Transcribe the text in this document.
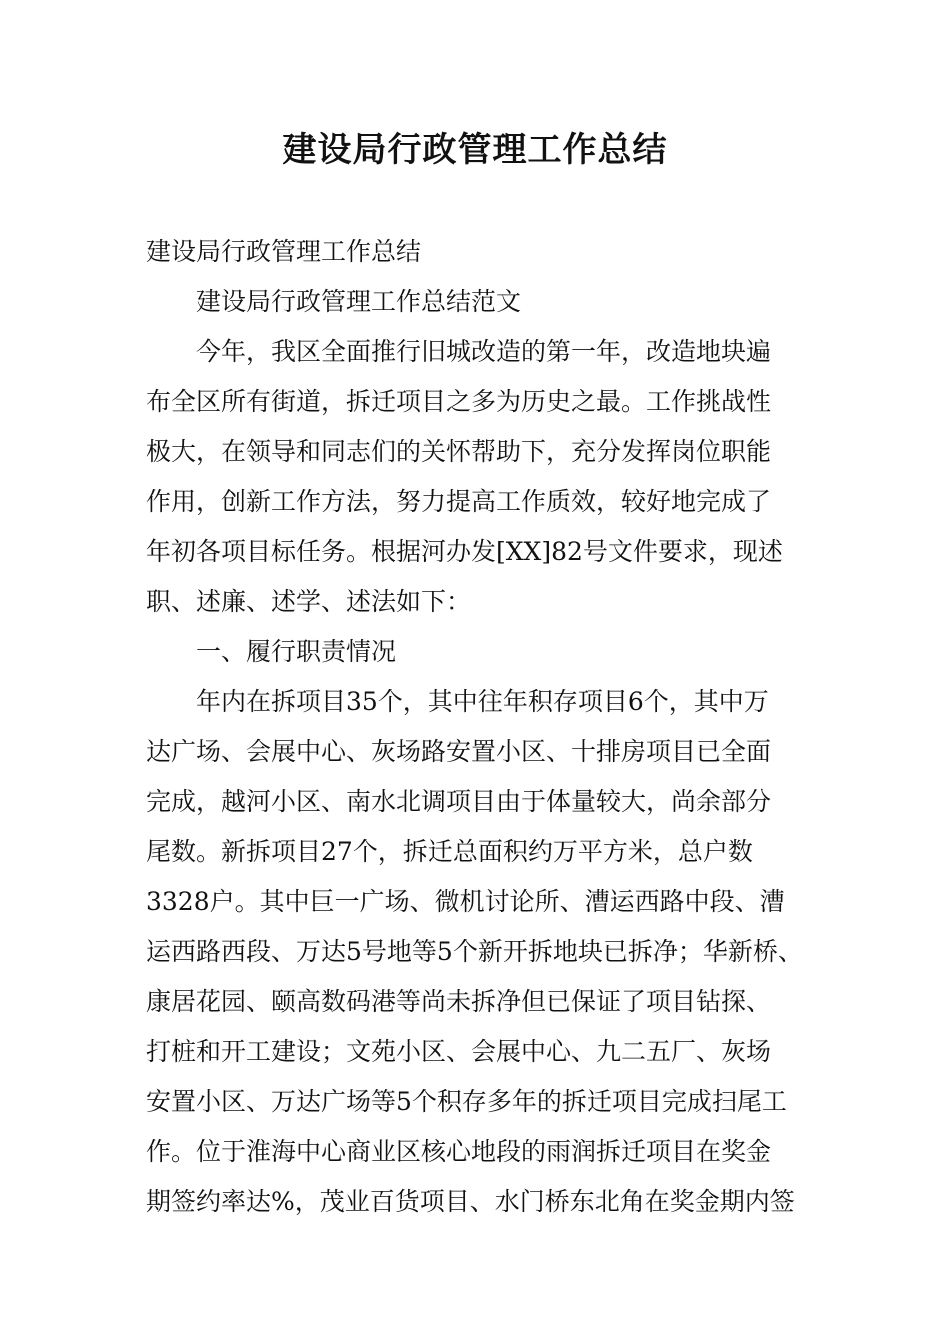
建设局行政管理工作总结

建设局行政管理工作总结

建设局行政管理工作总结范文

今年，我区全面推行旧城改造的第一年，改造地块遍

布全区所有街道，拆迁项目之多为历史之最。工作挑战性

极大，在领导和同志们的关怀帮助下，充分发挥岗位职能

作用，创新工作方法，努力提高工作质效，较好地完成了

年初各项目标任务。根据河办发[XX]82号文件要求，现述

职、述廉、述学、述法如下：

一、履行职责情况

年内在拆项目35个，其中往年积存项目6个，其中万

达广场、会展中心、灰场路安置小区、十排房项目已全面

完成，越河小区、南水北调项目由于体量较大，尚余部分

尾数。新拆项目27个，拆迁总面积约万平方米，总户数

3328户。其中巨一广场、微机讨论所、漕运西路中段、漕

运西路西段、万达5号地等5个新开拆地块已拆净；华新桥、

康居花园、颐高数码港等尚未拆净但已保证了项目钻探、

打桩和开工建设；文苑小区、会展中心、九二五厂、灰场

安置小区、万达广场等5个积存多年的拆迁项目完成扫尾工

作。位于淮海中心商业区核心地段的雨润拆迁项目在奖金

期签约率达%，茂业百货项目、水门桥东北角在奖金期内签
